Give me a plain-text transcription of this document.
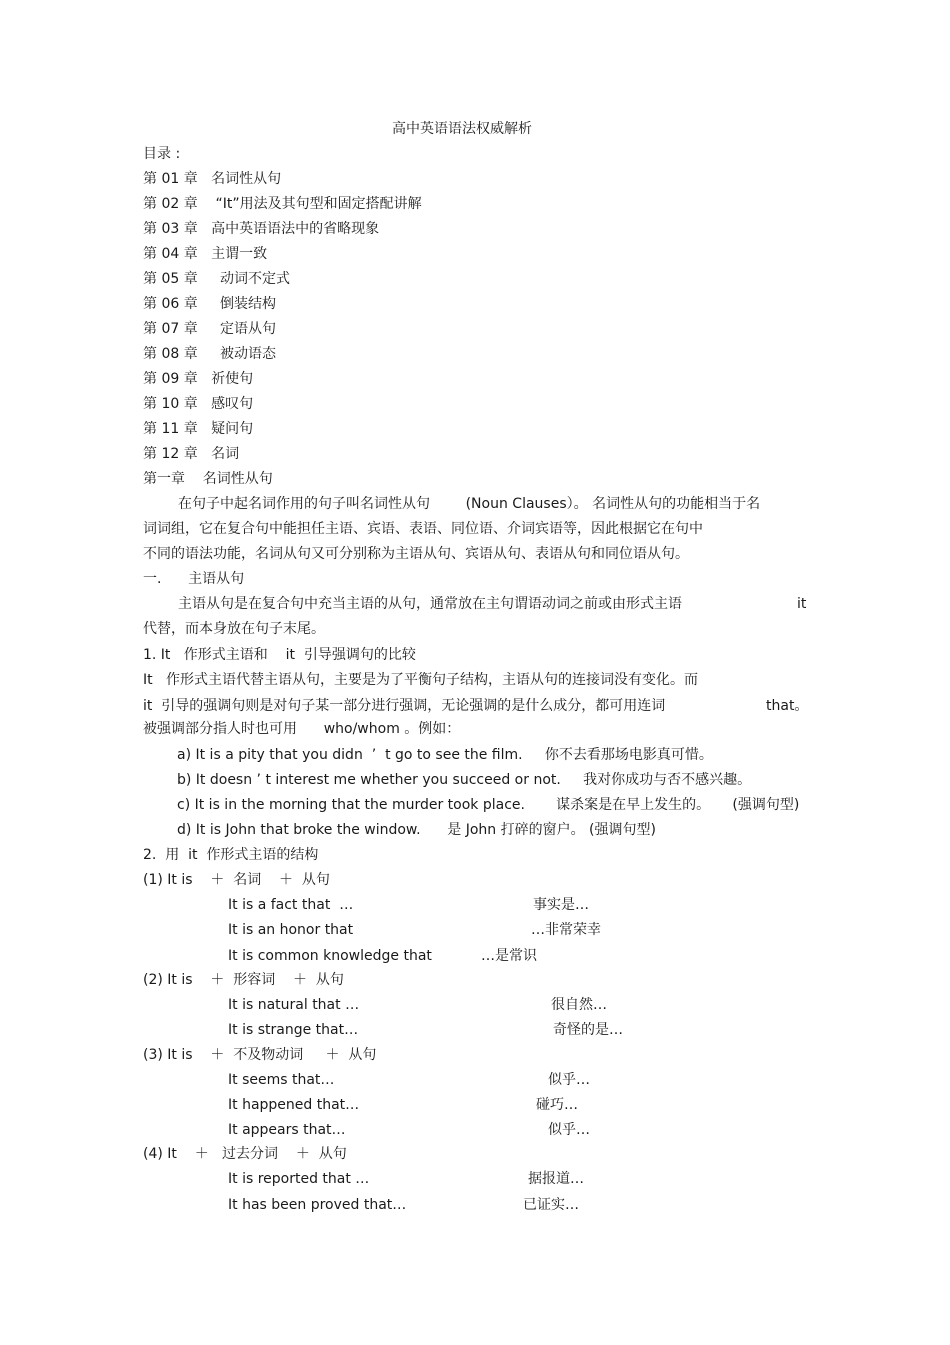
高中英语语法权威解析
目录 :
第 01 章 名词性从句
第 02 章 “It”用法及其句型和固定搭配讲解
第 03 章 高中英语语法中的省略现象
第 04 章 主谓一致
第 05 章 动词不定式
第 06 章 倒装结构
第 07 章 定语从句
第 08 章 被动语态
第 09 章 祈使句
第 10 章 感叹句
第 11 章 疑问句
第 12 章 名词
第一章    名词性从句
在句子中起名词作用的句子叫名词性从句        (Noun Clauses）。 名词性从句的功能相当于名
词词组，它在复合句中能担任主语、宾语、表语、同位语、介词宾语等，因此根据它在句中
不同的语法功能，名词从句又可分别称为主语从句、宾语从句、表语从句和同位语从句。
一.      主语从句
主语从句是在复合句中充当主语的从句，通常放在主句谓语动词之前或由形式主语	it
代替，而本身放在句子末尾。
1. It   作形式主语和    it  引导强调句的比较
It   作形式主语代替主语从句，主要是为了平衡句子结构，主语从句的连接词没有变化。而
it  引导的强调句则是对句子某一部分进行强调，无论强调的是什么成分，都可用连词	that。
被强调部分指人时也可用      who/whom 。例如：
a) It is a pity that you didn  ’  t go to see the film.     你不去看那场电影真可惜。
b) It doesn ’ t interest me whether you succeed or not.     我对你成功与否不感兴趣。
c) It is in the morning that the murder took place.       谋杀案是在早上发生的。     (强调句型)
d) It is John that broke the window.      是 John 打碎的窗户。 (强调句型)
2.  用  it  作形式主语的结构
(1) It is    ＋  名词    ＋  从句
It is a fact that  …	事实是…
It is an honor that	…非常荣幸
It is common knowledge that	…是常识
(2) It is    ＋  形容词    ＋  从句
It is natural that …	很自然…
It is strange that…	奇怪的是…
(3) It is    ＋  不及物动词     ＋  从句
It seems that…	似乎…
It happened that…	碰巧…
It appears that…	似乎…
(4) It    ＋   过去分词    ＋  从句
It is reported that …	据报道…
It has been proved that…	已证实…
